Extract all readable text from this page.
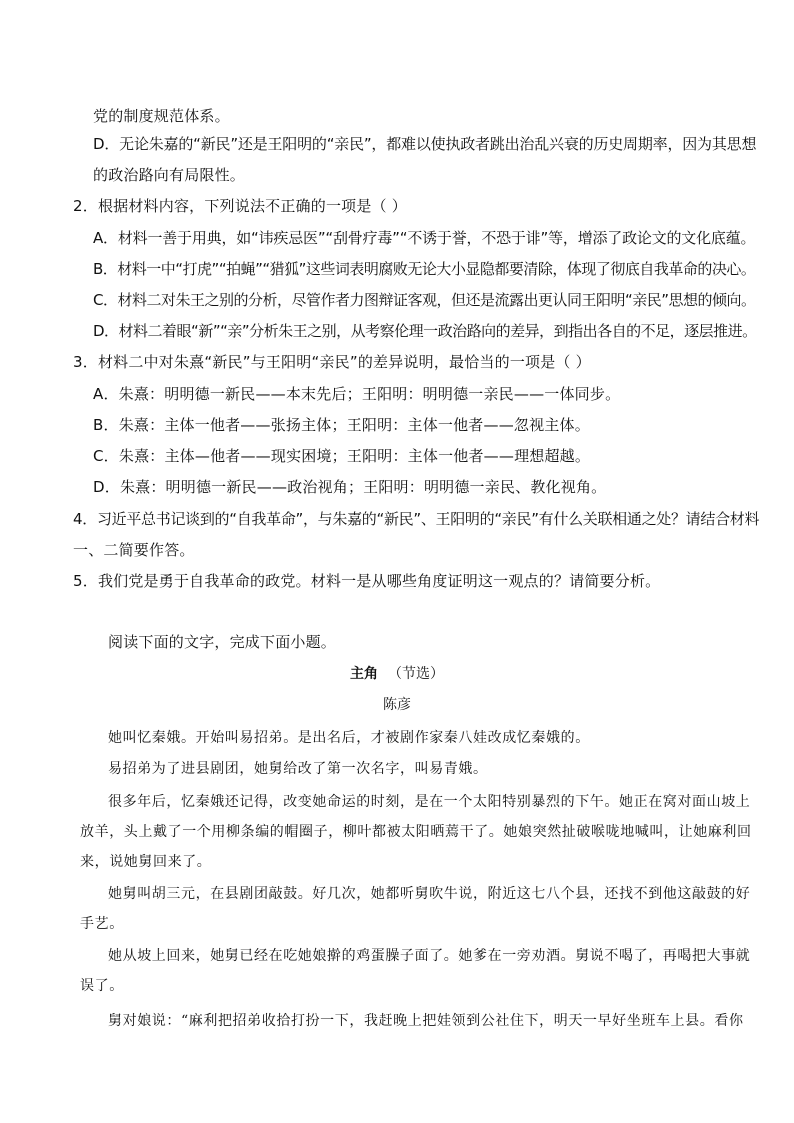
党的制度规范体系。
D．无论朱嘉的“新民”还是王阳明的“亲民”，都难以使执政者跳出治乱兴衰的历史周期率，因为其思想
的政治路向有局限性。
2．根据材料内容，下列说法不正确的一项是（ ）
A．材料一善于用典，如“讳疾忌医”“刮骨疗毒”“不诱于誉，不恐于诽”等，增添了政论文的文化底蕴。
B．材料一中“打虎”“拍蝇”“猎狐”这些词表明腐败无论大小显隐都要清除，体现了彻底自我革命的决心。
C．材料二对朱王之别的分析，尽管作者力图辩证客观，但还是流露出更认同王阳明“亲民”思想的倾向。
D．材料二着眼“新”“亲”分析朱王之别，从考察伦理一政治路向的差异，到指出各自的不足，逐层推进。
3．材料二中对朱熹“新民”与王阳明“亲民”的差异说明，最恰当的一项是（ ）
A．朱熹：明明德一新民——本末先后；王阳明：明明德一亲民——一体同步。
B．朱熹：主体一他者——张扬主体；王阳明：主体一他者——忽视主体。
C．朱熹：主体—他者——现实困境；王阳明：主体一他者——理想超越。
D．朱熹：明明德一新民——政治视角；王阳明：明明德一亲民、教化视角。
4．习近平总书记谈到的“自我革命”，与朱嘉的“新民”、王阳明的“亲民”有什么关联相通之处？请结合材料
一、二简要作答。
5．我们党是勇于自我革命的政党。材料一是从哪些角度证明这一观点的？请简要分析。
阅读下面的文字，完成下面小题。
主角 （节选）
陈彦
她叫忆秦娥。开始叫易招弟。是出名后，才被剧作家秦八娃改成忆秦娥的。
易招弟为了进县剧团，她舅给改了第一次名字，叫易青娥。
很多年后，忆秦娥还记得，改变她命运的时刻，是在一个太阳特别暴烈的下午。她正在窝对面山坡上
放羊，头上戴了一个用柳条编的帽圈子，柳叶都被太阳晒蔫干了。她娘突然扯破喉咙地喊叫，让她麻利回
来，说她舅回来了。
她舅叫胡三元，在县剧团敲鼓。好几次，她都听舅吹牛说，附近这七八个县，还找不到他这敲鼓的好
手艺。
她从坡上回来，她舅已经在吃她娘擀的鸡蛋臊子面了。她爹在一旁劝酒。舅说不喝了，再喝把大事就
误了。
舅对娘说：“麻利把招弟收拾打扮一下，我赶晚上把娃领到公社住下，明天一早好坐班车上县。看你
